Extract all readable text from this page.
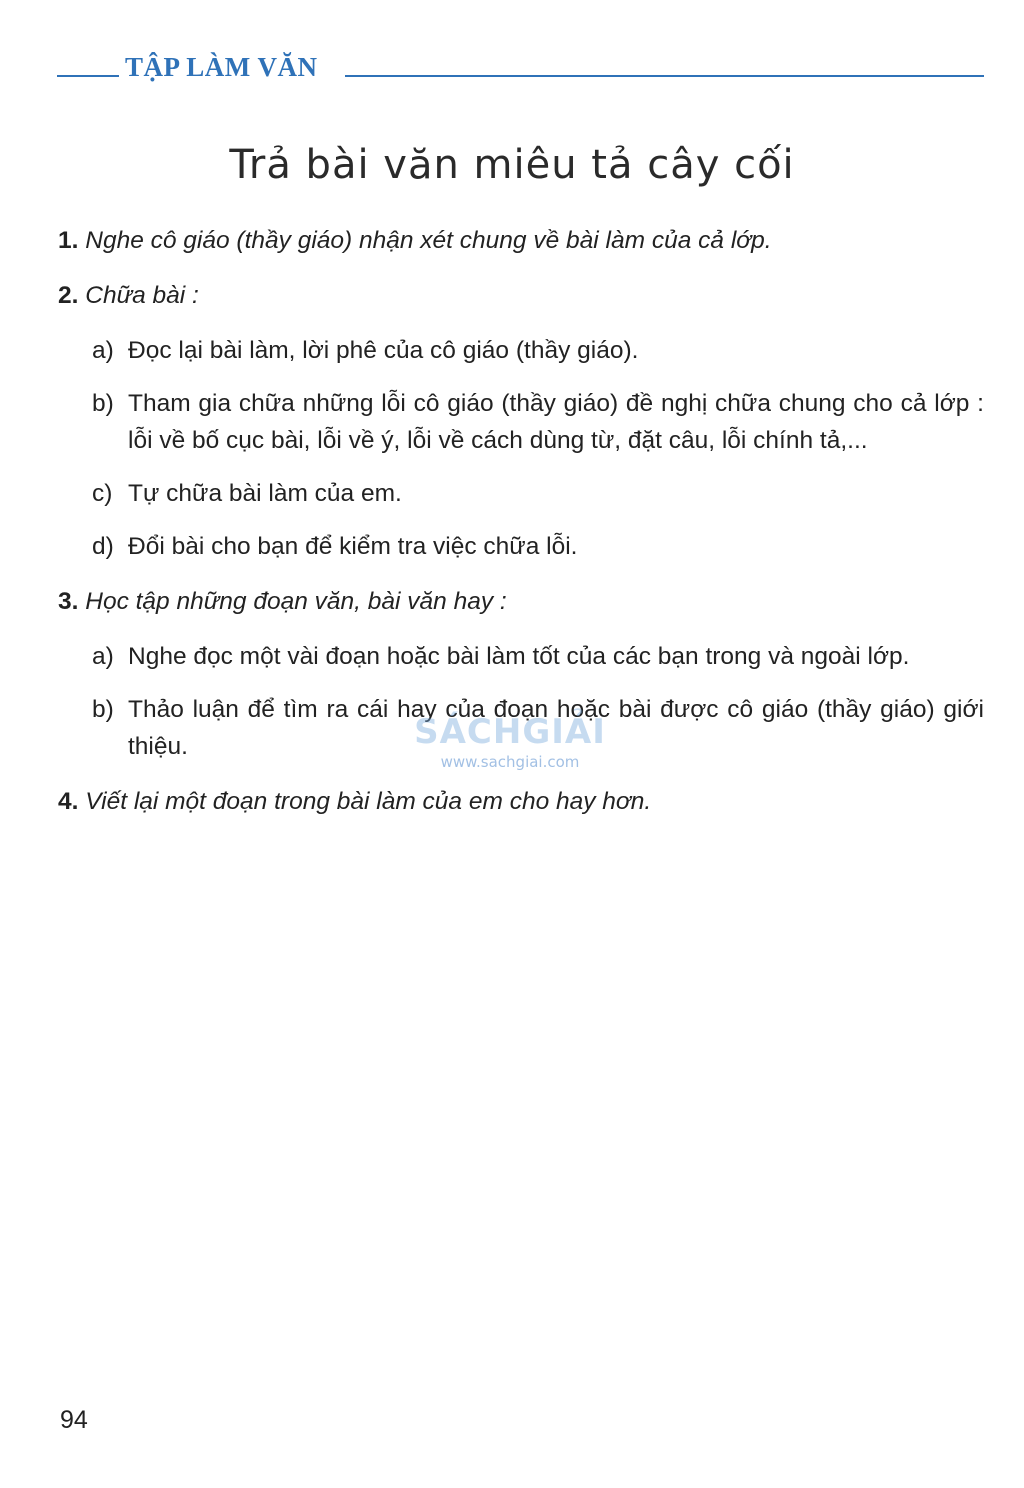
TẬP LÀM VĂN
Trả bài văn miêu tả cây cối
1. Nghe cô giáo (thầy giáo) nhận xét chung về bài làm của cả lớp.
2. Chữa bài :
a) Đọc lại bài làm, lời phê của cô giáo (thầy giáo).
b) Tham gia chữa những lỗi cô giáo (thầy giáo) đề nghị chữa chung cho cả lớp : lỗi về bố cục bài, lỗi về ý, lỗi về cách dùng từ, đặt câu, lỗi chính tả,...
c) Tự chữa bài làm của em.
d) Đổi bài cho bạn để kiểm tra việc chữa lỗi.
3. Học tập những đoạn văn, bài văn hay :
a) Nghe đọc một vài đoạn hoặc bài làm tốt của các bạn trong và ngoài lớp.
b) Thảo luận để tìm ra cái hay của đoạn hoặc bài được cô giáo (thầy giáo) giới thiệu.
4. Viết lại một đoạn trong bài làm của em cho hay hơn.
SÁCHGIẢI
www.sachgiai.com
94
